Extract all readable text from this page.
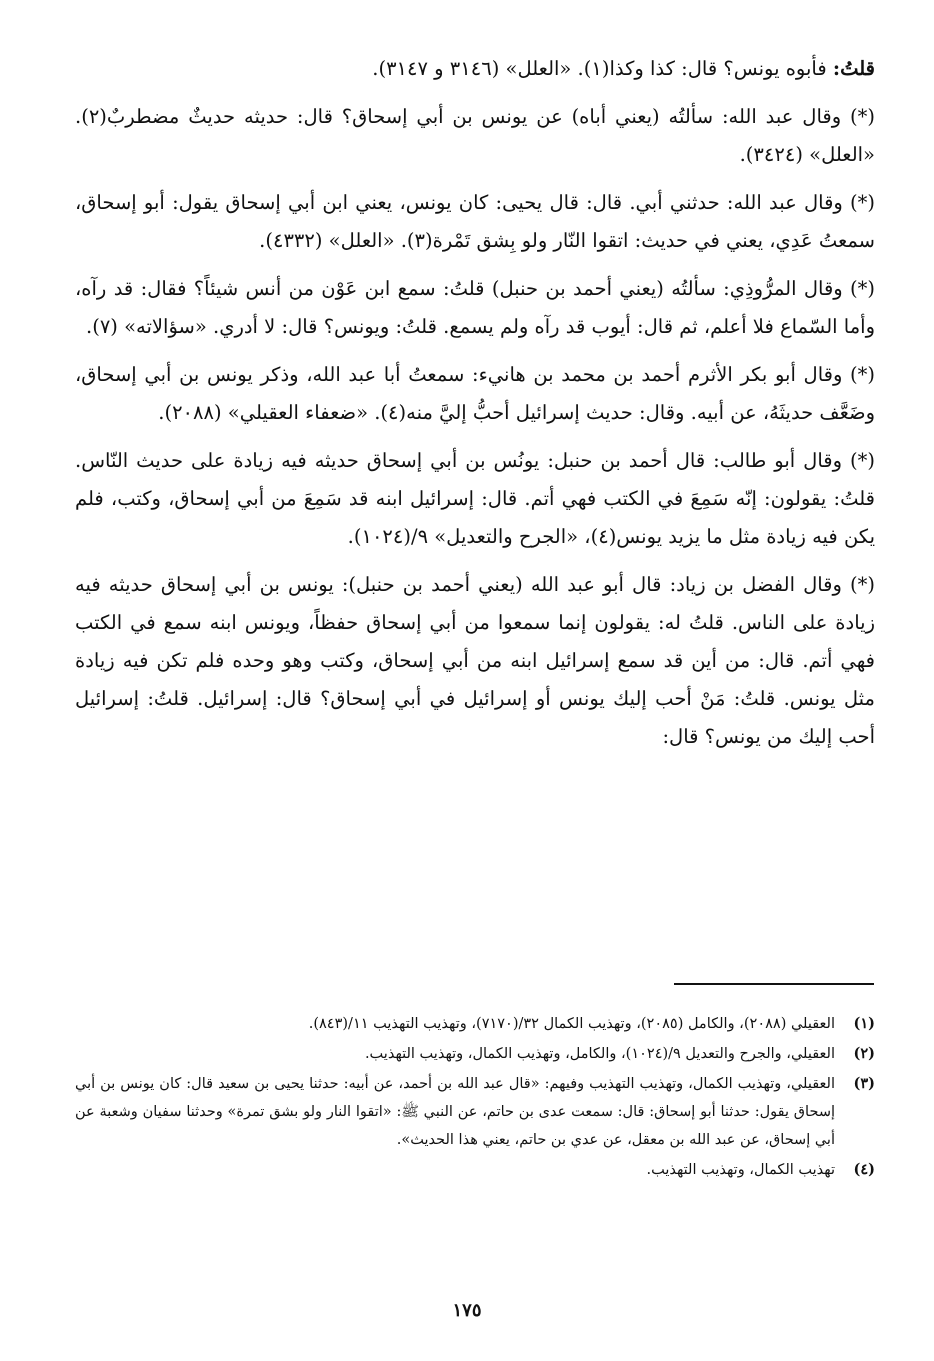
قلتُ: فأبوه يونس؟ قال: كذا وكذا(١). «العلل» (٣١٤٦ و ٣١٤٧).

(*) وقال عبد الله: سألتُه (يعني أباه) عن يونس بن أبي إسحاق؟ قال: حديثه حديثٌ مضطربٌ(٢). «العلل» (٣٤٢٤).

(*) وقال عبد الله: حدثني أبي. قال: قال يحيى: كان يونس، يعني ابن أبي إسحاق يقول: أبو إسحاق، سمعتُ عَدِي، يعني في حديث: اتقوا النّار ولو بِشق تَمْرة(٣). «العلل» (٤٣٣٢).

(*) وقال المرُّوذِي: سألتُه (يعني أحمد بن حنبل) قلتُ: سمع ابن عَوْن من أنس شيئاً؟ فقال: قد رآه، وأما السّماع فلا أعلم، ثم قال: أيوب قد رآه ولم يسمع. قلتُ: ويونس؟ قال: لا أدري. «سؤالاته» (٧).

(*) وقال أبو بكر الأثرم أحمد بن محمد بن هانيء: سمعتُ أبا عبد الله، وذكر يونس بن أبي إسحاق، وضَعَّف حديثَهُ، عن أبيه. وقال: حديث إسرائيل أحبُّ إليَّ منه(٤). «ضعفاء العقيلي» (٢٠٨٨).

(*) وقال أبو طالب: قال أحمد بن حنبل: يونُس بن أبي إسحاق حديثه فيه زيادة على حديث النّاس. قلتُ: يقولون: إنّه سَمِعَ في الكتب فهي أتم. قال: إسرائيل ابنه قد سَمِعَ من أبي إسحاق، وكتب، فلم يكن فيه زيادة مثل ما يزيد يونس(٤)، «الجرح والتعديل» ٩/(١٠٢٤).

(*) وقال الفضل بن زياد: قال أبو عبد الله (يعني أحمد بن حنبل): يونس بن أبي إسحاق حديثه فيه زيادة على الناس. قلتُ له: يقولون إنما سمعوا من أبي إسحاق حفظاً، ويونس ابنه سمع في الكتب فهي أتم. قال: من أين قد سمع إسرائيل ابنه من أبي إسحاق، وكتب وهو وحده فلم تكن فيه زيادة مثل يونس. قلتُ: مَنْ أحب إليك يونس أو إسرائيل في أبي إسحاق؟ قال: إسرائيل. قلتُ: إسرائيل أحب إليك من يونس؟ قال:

(١)
العقيلي (٢٠٨٨)، والكامل (٢٠٨٥)، وتهذيب الكمال ٣٢/(٧١٧٠)، وتهذيب التهذيب ١١/(٨٤٣).
(٢)
العقيلي، والجرح والتعديل ٩/(١٠٢٤)، والكامل، وتهذيب الكمال، وتهذيب التهذيب.
(٣)
العقيلي، وتهذيب الكمال، وتهذيب التهذيب وفيهم: «قال عبد الله بن أحمد، عن أبيه: حدثنا يحيى بن سعيد قال: كان يونس بن أبي إسحاق يقول: حدثنا أبو إسحاق: قال: سمعت عدى بن حاتم، عن النبي ﷺ: «اتقوا النار ولو بشق تمرة» وحدثنا سفيان وشعبة عن أبي إسحاق، عن عبد الله بن معقل، عن عدي بن حاتم، يعني هذا الحديث».
(٤)
تهذيب الكمال، وتهذيب التهذيب.
١٧٥
